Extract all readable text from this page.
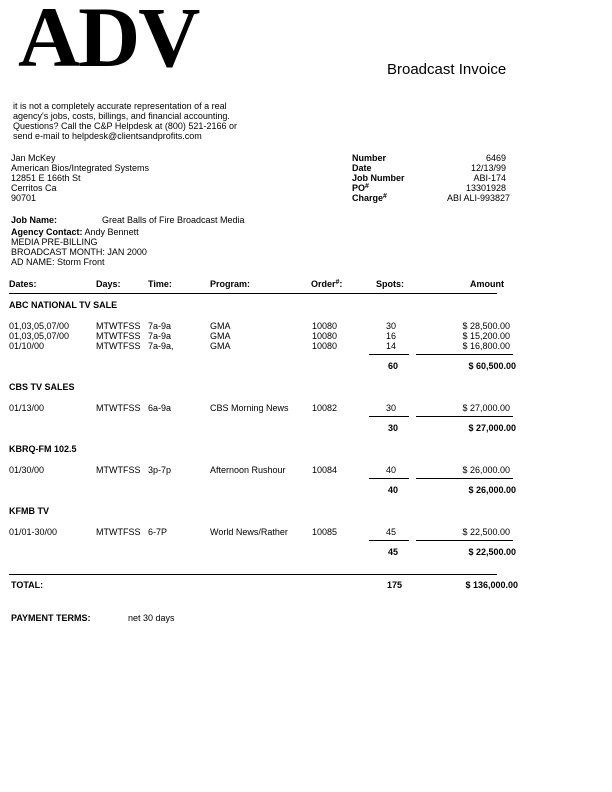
ADV	Broadcast Invoice
it is not a completely accurate representation of a real
agency's jobs, costs, billings, and financial accounting.
Questions? Call the C&P Helpdesk at (800) 521-2166 or
send e-mail to helpdesk@clientsandprofits.com
Jan McKey
American Bios/Integrated Systems
12851 E 166th St
Cerritos Ca
90701
Number	6469
Date	12/13/99
Job Number	ABI-174
PO#	13301928
Charge#	ABI ALI-993827
Job Name:	Great Balls of Fire Broadcast Media
Agency Contact: Andy Bennett
MEDIA PRE-BILLING
BROADCAST MONTH: JAN 2000
AD NAME: Storm Front
Dates:	Days:	Time:	Program:	Order#:	Spots:	Amount
ABC NATIONAL TV SALE
01,03,05,07/00	MTWTFSS 7a-9a	GMA	10080	30	$ 28,500.00
01,03,05,07/00	MTWTFSS 7a-9a	GMA	10080	16	$ 15,200.00
01/10/00	MTWTFSS 7a-9a,	GMA	10080	14	$ 16,800.00
60	$ 60,500.00
CBS TV SALES
01/13/00	MTWTFSS 6a-9a	CBS Morning News	10082	30	$ 27,000.00
30	$ 27,000.00
KBRQ-FM 102.5
01/30/00	MTWTFSS 3p-7p	Afternoon Rushour	10084	40	$ 26,000.00
40	$ 26,000.00
KFMB TV
01/01-30/00	MTWTFSS 6-7P	World News/Rather	10085	45	$ 22,500.00
45	$ 22,500.00
TOTAL:	175	$ 136,000.00
PAYMENT TERMS:	net 30 days
